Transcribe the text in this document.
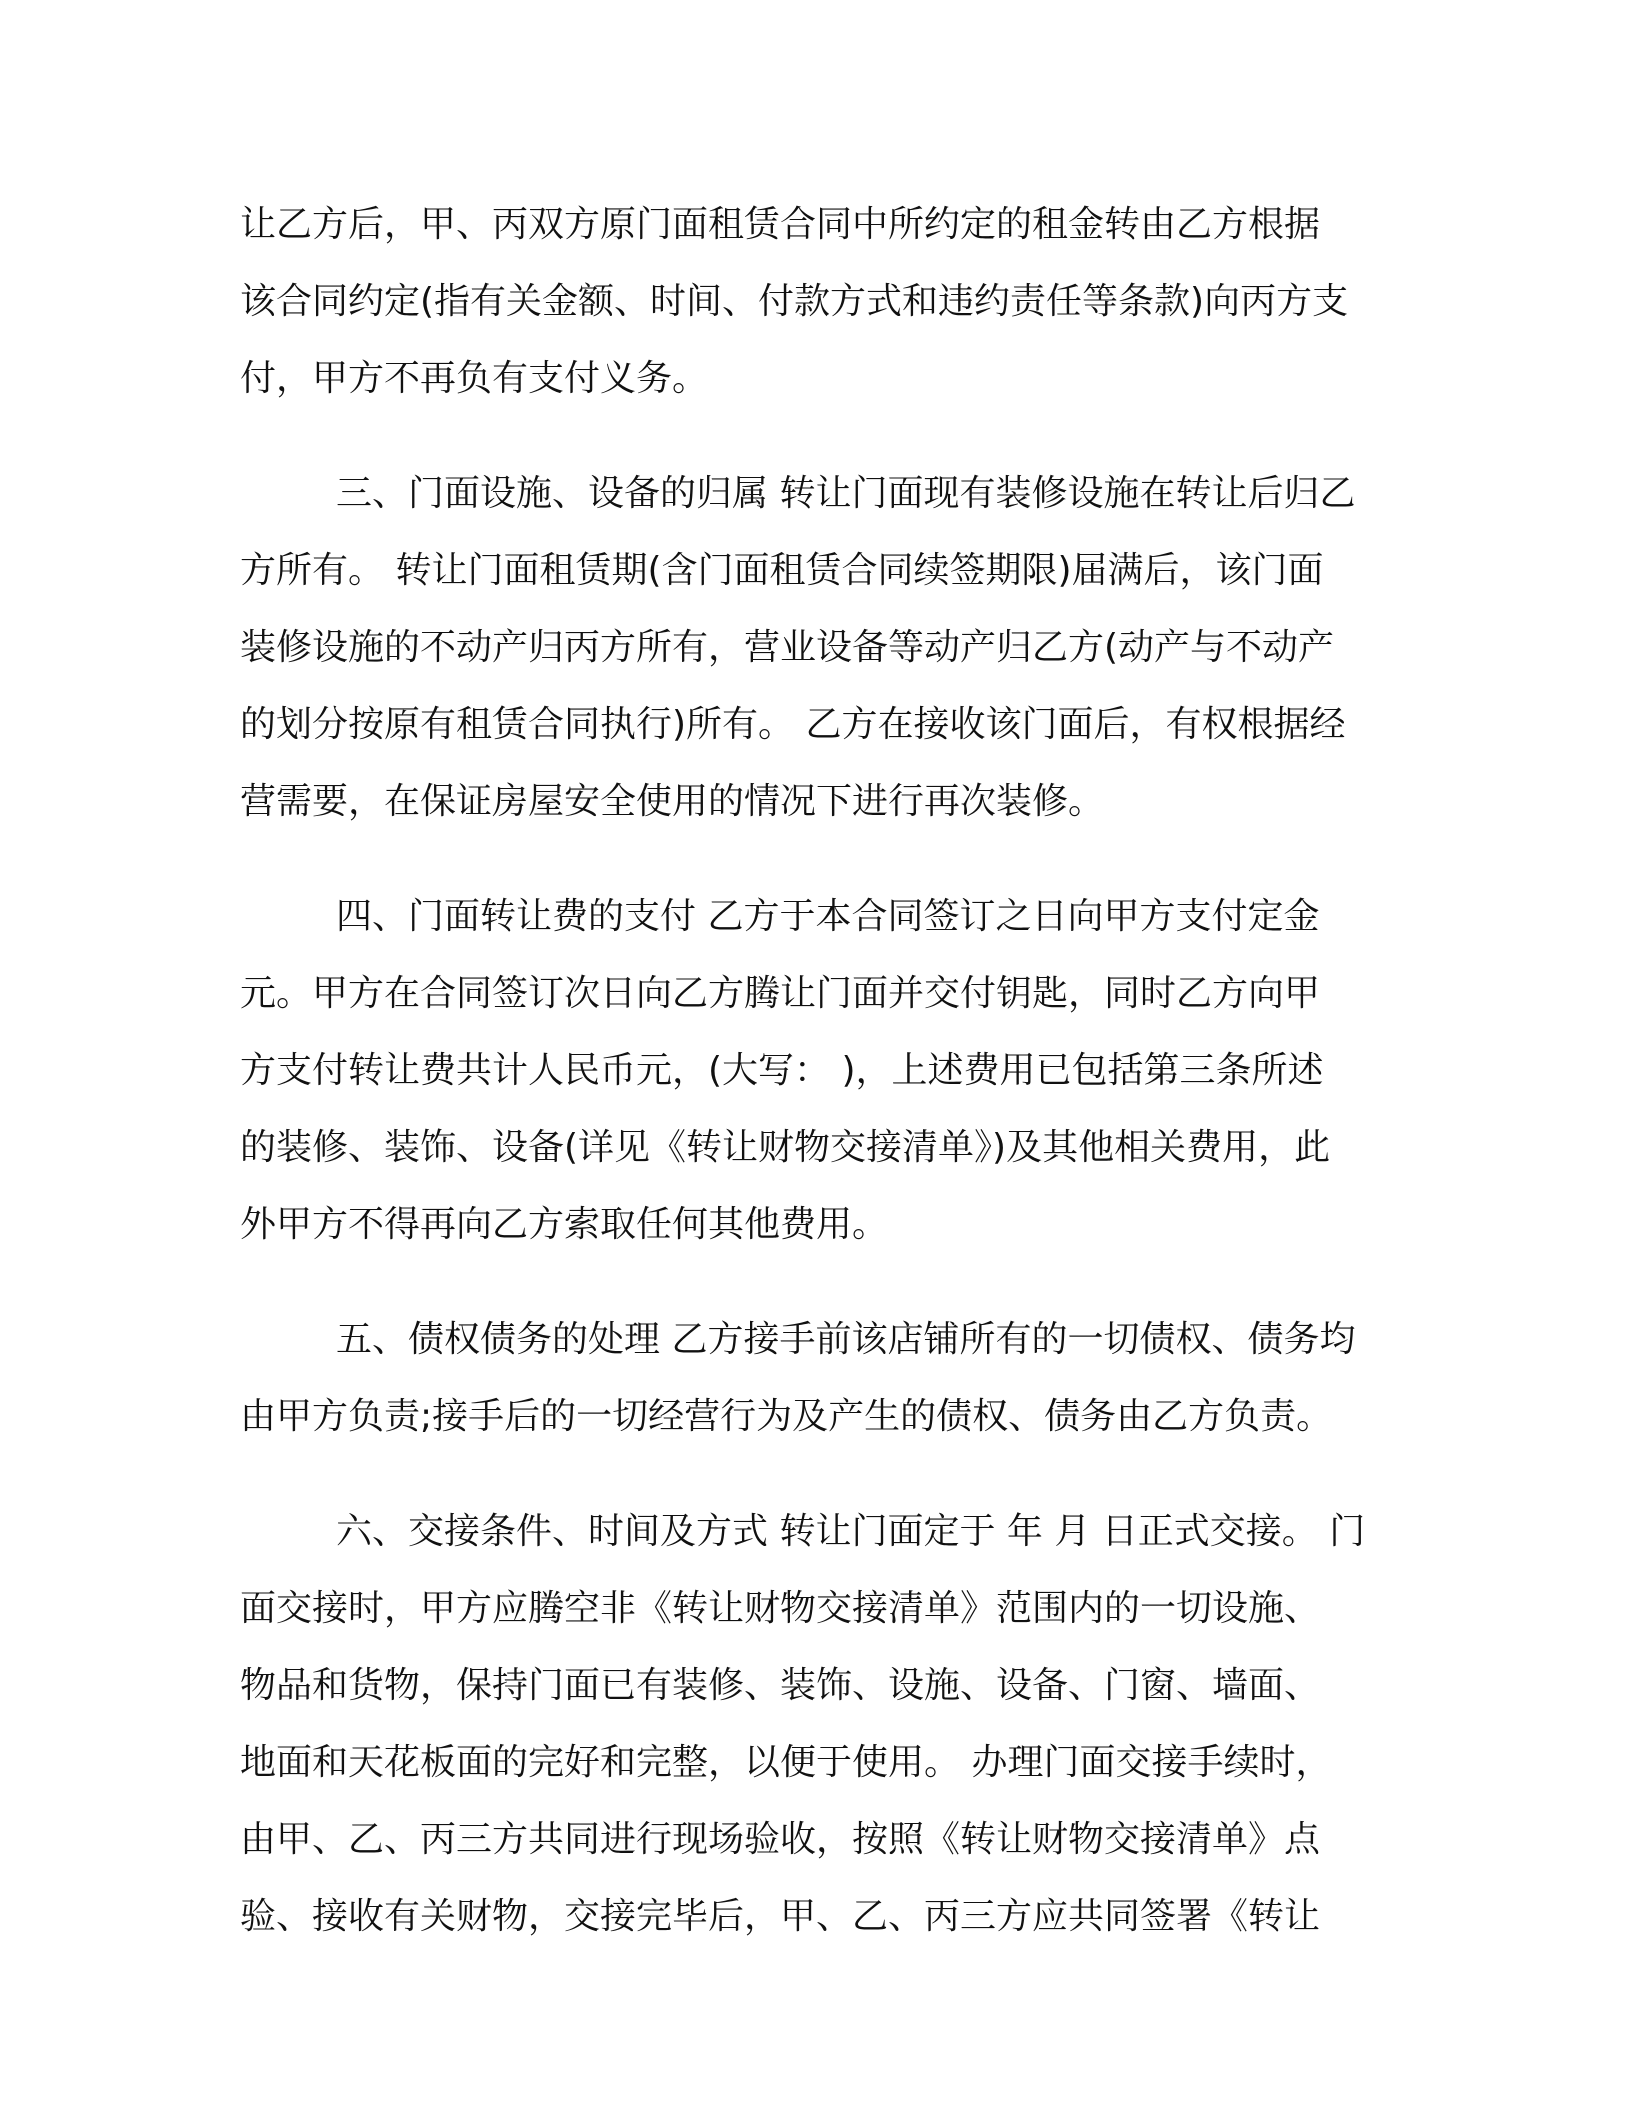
让乙方后，甲、丙双方原门面租赁合同中所约定的租金转由乙方根据
该合同约定(指有关金额、时间、付款方式和违约责任等条款)向丙方支
付，甲方不再负有支付义务。
三、门面设施、设备的归属 转让门面现有装修设施在转让后归乙
方所有。 转让门面租赁期(含门面租赁合同续签期限)届满后，该门面
装修设施的不动产归丙方所有，营业设备等动产归乙方(动产与不动产
的划分按原有租赁合同执行)所有。 乙方在接收该门面后，有权根据经
营需要，在保证房屋安全使用的情况下进行再次装修。
四、门面转让费的支付 乙方于本合同签订之日向甲方支付定金
元。甲方在合同签订次日向乙方腾让门面并交付钥匙，同时乙方向甲
方支付转让费共计人民币元，(大写： )，上述费用已包括第三条所述
的装修、装饰、设备(详见《转让财物交接清单》)及其他相关费用，此
外甲方不得再向乙方索取任何其他费用。
五、债权债务的处理 乙方接手前该店铺所有的一切债权、债务均
由甲方负责;接手后的一切经营行为及产生的债权、债务由乙方负责。
六、交接条件、时间及方式 转让门面定于 年 月 日正式交接。 门
面交接时，甲方应腾空非《转让财物交接清单》范围内的一切设施、
物品和货物，保持门面已有装修、装饰、设施、设备、门窗、墙面、
地面和天花板面的完好和完整，以便于使用。 办理门面交接手续时，
由甲、乙、丙三方共同进行现场验收，按照《转让财物交接清单》点
验、接收有关财物，交接完毕后，甲、乙、丙三方应共同签署《转让
